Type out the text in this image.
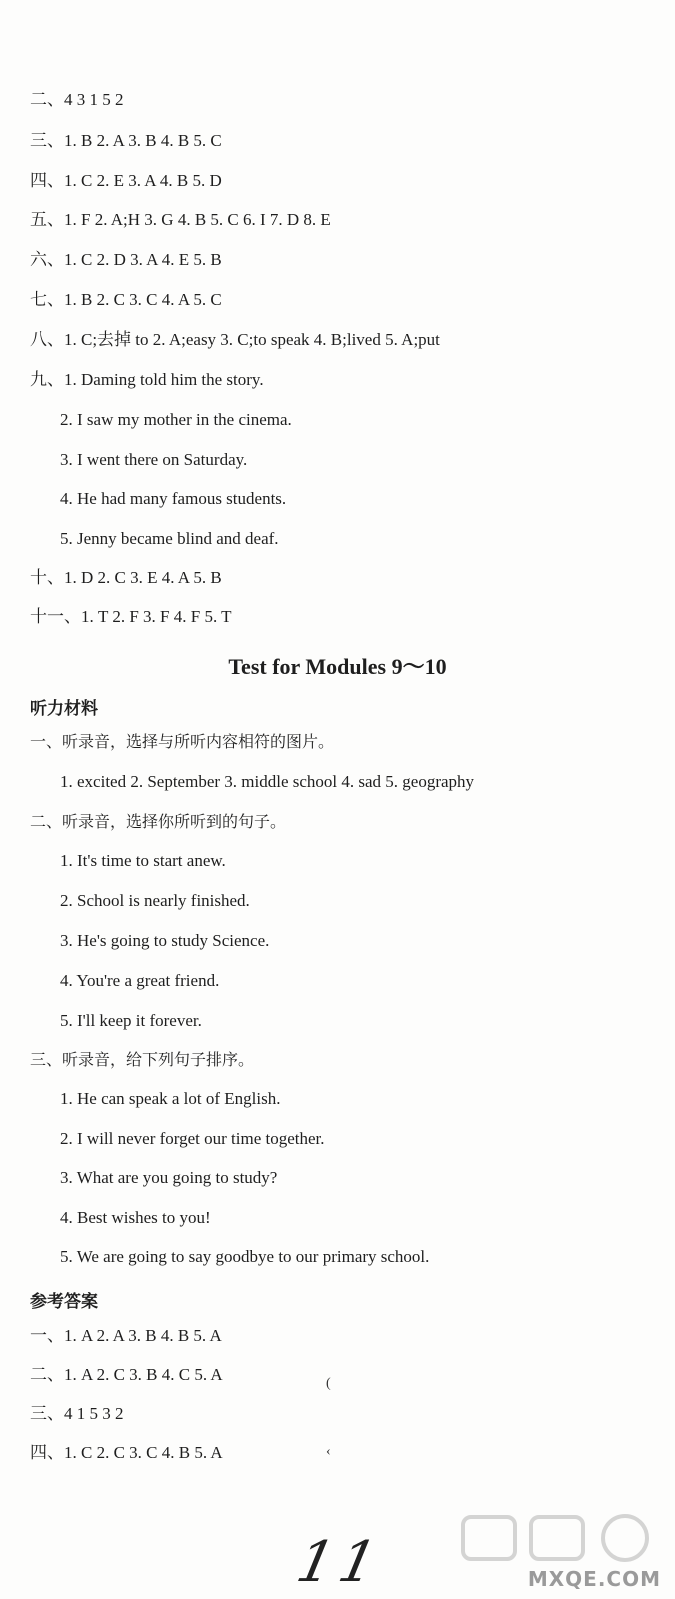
二、4 3 1 5 2
三、1. B 2. A 3. B 4. B 5. C
四、1. C 2. E 3. A 4. B 5. D
五、1. F 2. A;H 3. G 4. B 5. C 6. I 7. D 8. E
六、1. C 2. D 3. A 4. E 5. B
七、1. B 2. C 3. C 4. A 5. C
八、1. C;去掉 to 2. A;easy 3. C;to speak 4. B;lived 5. A;put
九、1. Daming told him the story.
2. I saw my mother in the cinema.
3. I went there on Saturday.
4. He had many famous students.
5. Jenny became blind and deaf.
十、1. D 2. C 3. E 4. A 5. B
十一、1. T 2. F 3. F 4. F 5. T
Test for Modules 9～10
听力材料
一、听录音，选择与所听内容相符的图片。
1. excited 2. September 3. middle school 4. sad 5. geography
二、听录音，选择你所听到的句子。
1. It's time to start anew.
2. School is nearly finished.
3. He's going to study Science.
4. You're a great friend.
5. I'll keep it forever.
三、听录音，给下列句子排序。
1. He can speak a lot of English.
2. I will never forget our time together.
3. What are you going to study?
4. Best wishes to you!
5. We are going to say goodbye to our primary school.
参考答案
一、1. A 2. A 3. B 4. B 5. A
二、1. A 2. C 3. B 4. C 5. A
三、4 1 5 3 2
四、1. C 2. C 3. C 4. B 5. A
(
‹
11	MXQE.COM
